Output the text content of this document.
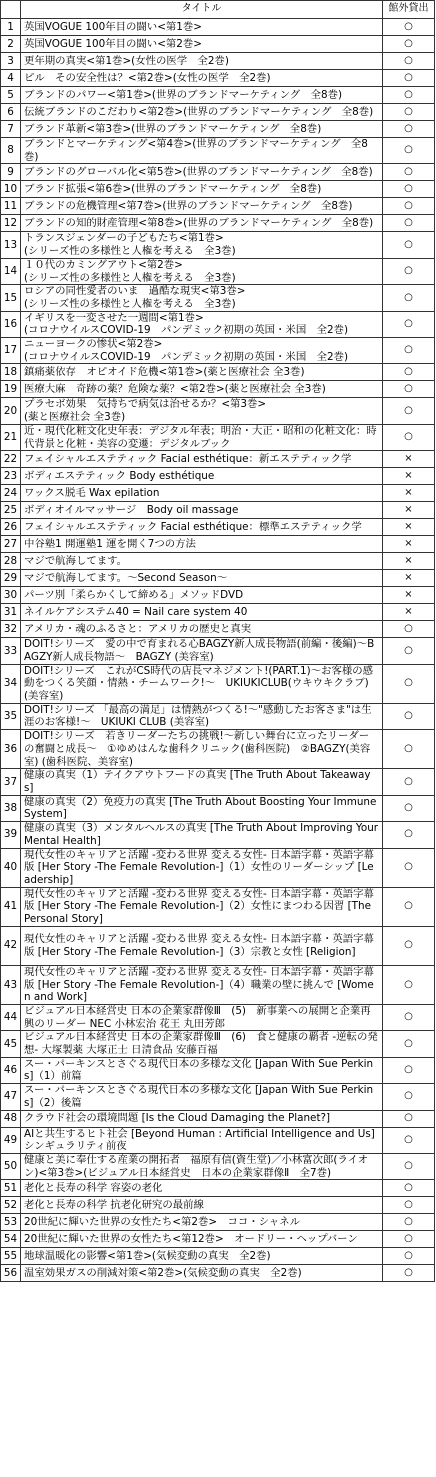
	タイトル	館外貸出
1	英国VOGUE 100年目の闘い<第1巻>	○
2	英国VOGUE 100年目の闘い<第2巻>	○
3	更年期の真実<第1巻>(女性の医学　全2巻)	○
4	ピル　その安全性は？<第2巻>(女性の医学　全2巻)	○
5	ブランドのパワー<第1巻>(世界のブランドマーケティング　全8巻)	○
6	伝統ブランドのこだわり<第2巻>(世界のブランドマーケティング　全8巻)	○
7	ブランド革新<第3巻>(世界のブランドマーケティング　全8巻)	○
8	ブランドとマーケティング<第4巻>(世界のブランドマーケティング　全8巻)	○
9	ブランドのグローバル化<第5巻>(世界のブランドマーケティング　全8巻)	○
10	ブランド拡張<第6巻>(世界のブランドマーケティング　全8巻)	○
11	ブランドの危機管理<第7巻>(世界のブランドマーケティング　全8巻)	○
12	ブランドの知的財産管理<第8巻>(世界のブランドマーケティング　全8巻)	○
13	トランスジェンダーの子どもたち<第1巻>
(シリーズ性の多様性と人権を考える　全3巻)	○
14	１０代のカミングアウト<第2巻>
(シリーズ性の多様性と人権を考える　全3巻)	○
15	ロシアの同性愛者のいま　過酷な現実<第3巻>
(シリーズ性の多様性と人権を考える　全3巻)	○
16	イギリスを一変させた一週間<第1巻>
(コロナウイルスCOVID-19　パンデミック初期の英国・米国　全2巻)	○
17	ニューヨークの惨状<第2巻>
(コロナウイルスCOVID-19　パンデミック初期の英国・米国　全2巻)	○
18	鎮痛薬依存　オピオイド危機<第1巻>(薬と医療社会 全3巻)	○
19	医療大麻　奇跡の薬？危険な薬？<第2巻>(薬と医療社会 全3巻)	○
20	プラセボ効果　気持ちで病気は治せるか？<第3巻>
(薬と医療社会 全3巻)	○
21	近・現代化粧文化史年表：デジタル年表；明治・大正・昭和の化粧文化：時代背景と化粧・美容の変遷：デジタルブック	○
22	フェイシャルエステティック Facial esthétique：新エステティック学	×
23	ボディエステティック Body esthétique	×
24	ワックス脱毛 Wax epilation	×
25	ボディオイルマッサージ　Body oil massage	×
26	フェイシャルエステティック Facial esthétique：標準エステティック学	×
27	中谷塾1 開運塾1 運を開く7つの方法	×
28	マジで航海してます。	×
29	マジで航海してます。～Second Season～	×
30	パーツ別「柔らかくして締める」メソッドDVD	×
31	ネイルケアシステム40 = Nail care system 40	×
32	アメリカ・魂のふるさと：アメリカの歴史と真実	○
33	DOIT!シリーズ　愛の中で育まれる心BAGZY新人成長物語(前編・後編)～BAGZY新人成長物語～　BAGZY (美容室)	○
34	DOIT!シリーズ　これがCS時代の店長マネジメント!(PART.1)～お客様の感動をつくる笑顔・情熱・チームワーク!～　UKIUKICLUB(ウキウキクラブ) (美容室)	○
35	DOIT!シリーズ 「最高の満足」は情熱がつくる!～"感動したお客さま"は生涯のお客様!～　UKIUKI CLUB (美容室)	○
36	DOIT!シリーズ　若きリーダーたちの挑戦!～新しい舞台に立ったリーダーの奮闘と成長～　①ゆめはんな歯科クリニック(歯科医院)　②BAGZY(美容室) (歯科医院、美容室)	○
37	健康の真実（1）テイクアウトフードの真実 [The Truth About Takeaways]	○
38	健康の真実（2）免疫力の真実 [The Truth About Boosting Your Immune System]	○
39	健康の真実（3）メンタルヘルスの真実 [The Truth About Improving Your Mental Health]	○
40	現代女性のキャリアと活躍 -変わる世界 変える女性- 日本語字幕・英語字幕版 [Her Story -The Female Revolution-]（1）女性のリーダーシップ [Leadership]	○
41	現代女性のキャリアと活躍 -変わる世界 変える女性- 日本語字幕・英語字幕版 [Her Story -The Female Revolution-]（2）女性にまつわる因習 [The Personal Story]	○
42	現代女性のキャリアと活躍 -変わる世界 変える女性- 日本語字幕・英語字幕版 [Her Story -The Female Revolution-]（3）宗教と女性 [Religion]	○
43	現代女性のキャリアと活躍 -変わる世界 変える女性- 日本語字幕・英語字幕版 [Her Story -The Female Revolution-]（4）職業の壁に挑んで [Women and Work]	○
44	ビジュアル日本経営史 日本の企業家群像Ⅲ　(5)　新事業への展開と企業再興のリーダー NEC 小林宏治 花王 丸田芳郎	○
45	ビジュアル日本経営史 日本の企業家群像Ⅲ　(6)　食と健康の覇者 -逆転の発想- 大塚製薬 大塚正士 日清食品 安藤百福	○
46	スー・パーキンスとさぐる現代日本の多様な文化 [Japan With Sue Perkins]（1）前篇	○
47	スー・パーキンスとさぐる現代日本の多様な文化 [Japan With Sue Perkins]（2）後篇	○
48	クラウド社会の環境問題 [Is the Cloud Damaging the Planet?]	○
49	AIと共生するヒト社会 [Beyond Human : Artificial Intelligence and Us]シンギュラリティ前夜	○
50	健康と美に奉仕する産業の開拓者　福原有信(資生堂)／小林富次郎(ライオン)<第3巻>(ビジュアル日本経営史　日本の企業家群像Ⅱ　全7巻)	○
51	老化と長寿の科学 容姿の老化	○
52	老化と長寿の科学 抗老化研究の最前線	○
53	20世紀に輝いた世界の女性たち<第2巻>　ココ・シャネル	○
54	20世紀に輝いた世界の女性たち<第12巻>　オードリー・ヘップバーン	○
55	地球温暖化の影響<第1巻>(気候変動の真実　全2巻)	○
56	温室効果ガスの削減対策<第2巻>(気候変動の真実　全2巻)	○
